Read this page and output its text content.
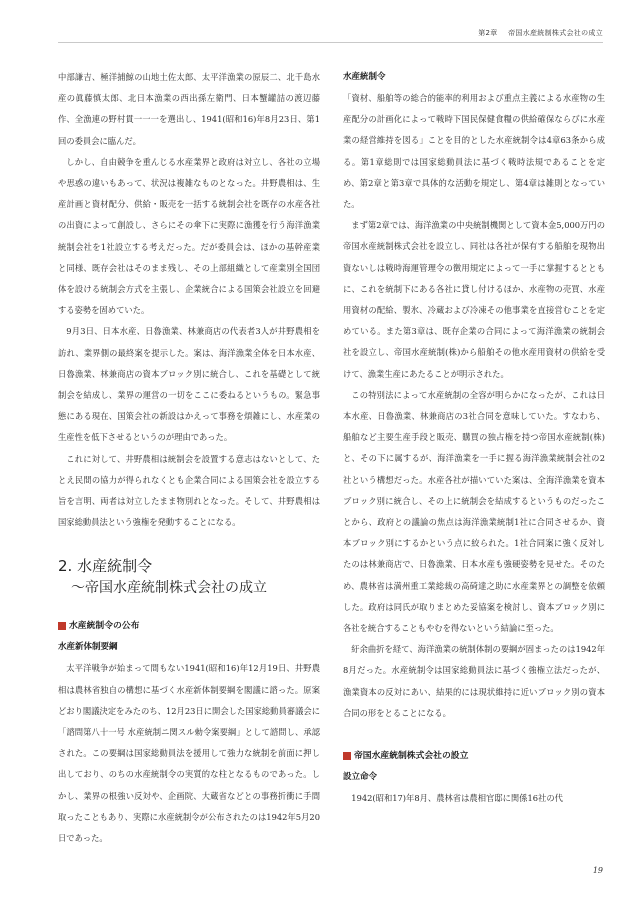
第2章 帝国水産統制株式会社の成立

中部謙吉、極洋捕鯨の山地土佐太郎、太平洋漁業の原辰二、北千島水産の眞藤慎太郎、北日本漁業の西出孫左衛門、日本蟹罐詰の渡辺藤作、全漁連の野村貫一一一を選出し、1941(昭和16)年8月23日、第1回の委員会に臨んだ。

しかし、自由競争を重んじる水産業界と政府は対立し、各社の立場や思惑の違いもあって、状況は複雑なものとなった。井野農相は、生産計画と資材配分、供給・販売を一括する統制会社を既存の水産各社の出資によって創設し、さらにその傘下に実際に漁獲を行う海洋漁業統制会社を1社設立する考えだった。だが委員会は、ほかの基幹産業と同様、既存会社はそのまま残し、その上部組織として産業別全国団体を設ける統制会方式を主張し、企業統合による国策会社設立を回避する姿勢を固めていた。

9月3日、日本水産、日魯漁業、林兼商店の代表者3人が井野農相を訪れ、業界側の最終案を提示した。案は、海洋漁業全体を日本水産、日魯漁業、林兼商店の資本ブロック別に統合し、これを基礎として統制会を結成し、業界の運営の一切をここに委ねるというもの。緊急事態にある現在、国策会社の新設はかえって事務を煩雑にし、水産業の生産性を低下させるというのが理由であった。

これに対して、井野農相は統制会を設置する意志はないとして、たとえ民間の協力が得られなくとも企業合同による国策会社を設立する旨を言明、両者は対立したまま物別れとなった。そして、井野農相は国家総動員法という強権を発動することになる。

2. 水産統制令
～帝国水産統制株式会社の成立
水産統制令の公布

水産新体制要綱

太平洋戦争が始まって間もない1941(昭和16)年12月19日、井野農相は農林省独自の構想に基づく水産新体制要綱を閣議に諮った。原案どおり閣議決定をみたのち、12月23日に開会した国家総動員審議会に「諮問第八十一号 水産統制ニ関スル勅令案要綱」として諮問し、承認された。この要綱は国家総動員法を援用して強力な統制を前面に押し出しており、のちの水産統制令の実質的な柱となるものであった。しかし、業界の根強い反対や、企画院、大蔵省などとの事務折衝に手間取ったこともあり、実際に水産統制令が公布されたのは1942年5月20日であった。

水産統制令

「資材、船舶等の総合的能率的利用および重点主義による水産物の生産配分の計画化によって戦時下国民保健食糧の供給確保ならびに水産業の経営維持を図る」ことを目的とした水産統制令は4章63条から成る。第1章総則では国家総動員法に基づく戦時法規であることを定め、第2章と第3章で具体的な活動を規定し、第4章は雑則となっていた。

まず第2章では、海洋漁業の中央統制機関として資本金5,000万円の帝国水産統制株式会社を設立し、同社は各社が保有する船舶を現物出資ないしは戦時海運管理令の徴用規定によって一手に掌握するとともに、これを統制下にある各社に貸し付けるほか、水産物の売買、水産用資材の配給、製氷、冷蔵および冷凍その他事業を直接営むことを定めている。また第3章は、既存企業の合同によって海洋漁業の統制会社を設立し、帝国水産統制(株)から船舶その他水産用資材の供給を受けて、漁業生産にあたることが明示された。

この特別法によって水産統制の全容が明らかになったが、これは日本水産、日魯漁業、林兼商店の3社合同を意味していた。すなわち、船舶など主要生産手段と販売、購買の独占権を持つ帝国水産統制(株)と、その下に属するが、海洋漁業を一手に握る海洋漁業統制会社の2社という構想だった。水産各社が描いていた案は、全海洋漁業を資本ブロック別に統合し、その上に統制会を結成するというものだったことから、政府との議論の焦点は海洋漁業統制1社に合同させるか、資本ブロック別にするかという点に絞られた。1社合同案に強く反対したのは林兼商店で、日魯漁業、日本水産も強硬姿勢を見せた。そのため、農林省は満州重工業総裁の高碕達之助に水産業界との調整を依頼した。政府は同氏が取りまとめた妥協案を検討し、資本ブロック別に各社を統合することもやむを得ないという結論に至った。

紆余曲折を経て、海洋漁業の統制体制の要綱が固まったのは1942年8月だった。水産統制令は国家総動員法に基づく強権立法だったが、漁業資本の反対にあい、結果的には現状維持に近いブロック別の資本合同の形をとることになる。

帝国水産統制株式会社の設立

設立命令

1942(昭和17)年8月、農林省は農相官邸に関係16社の代

19
